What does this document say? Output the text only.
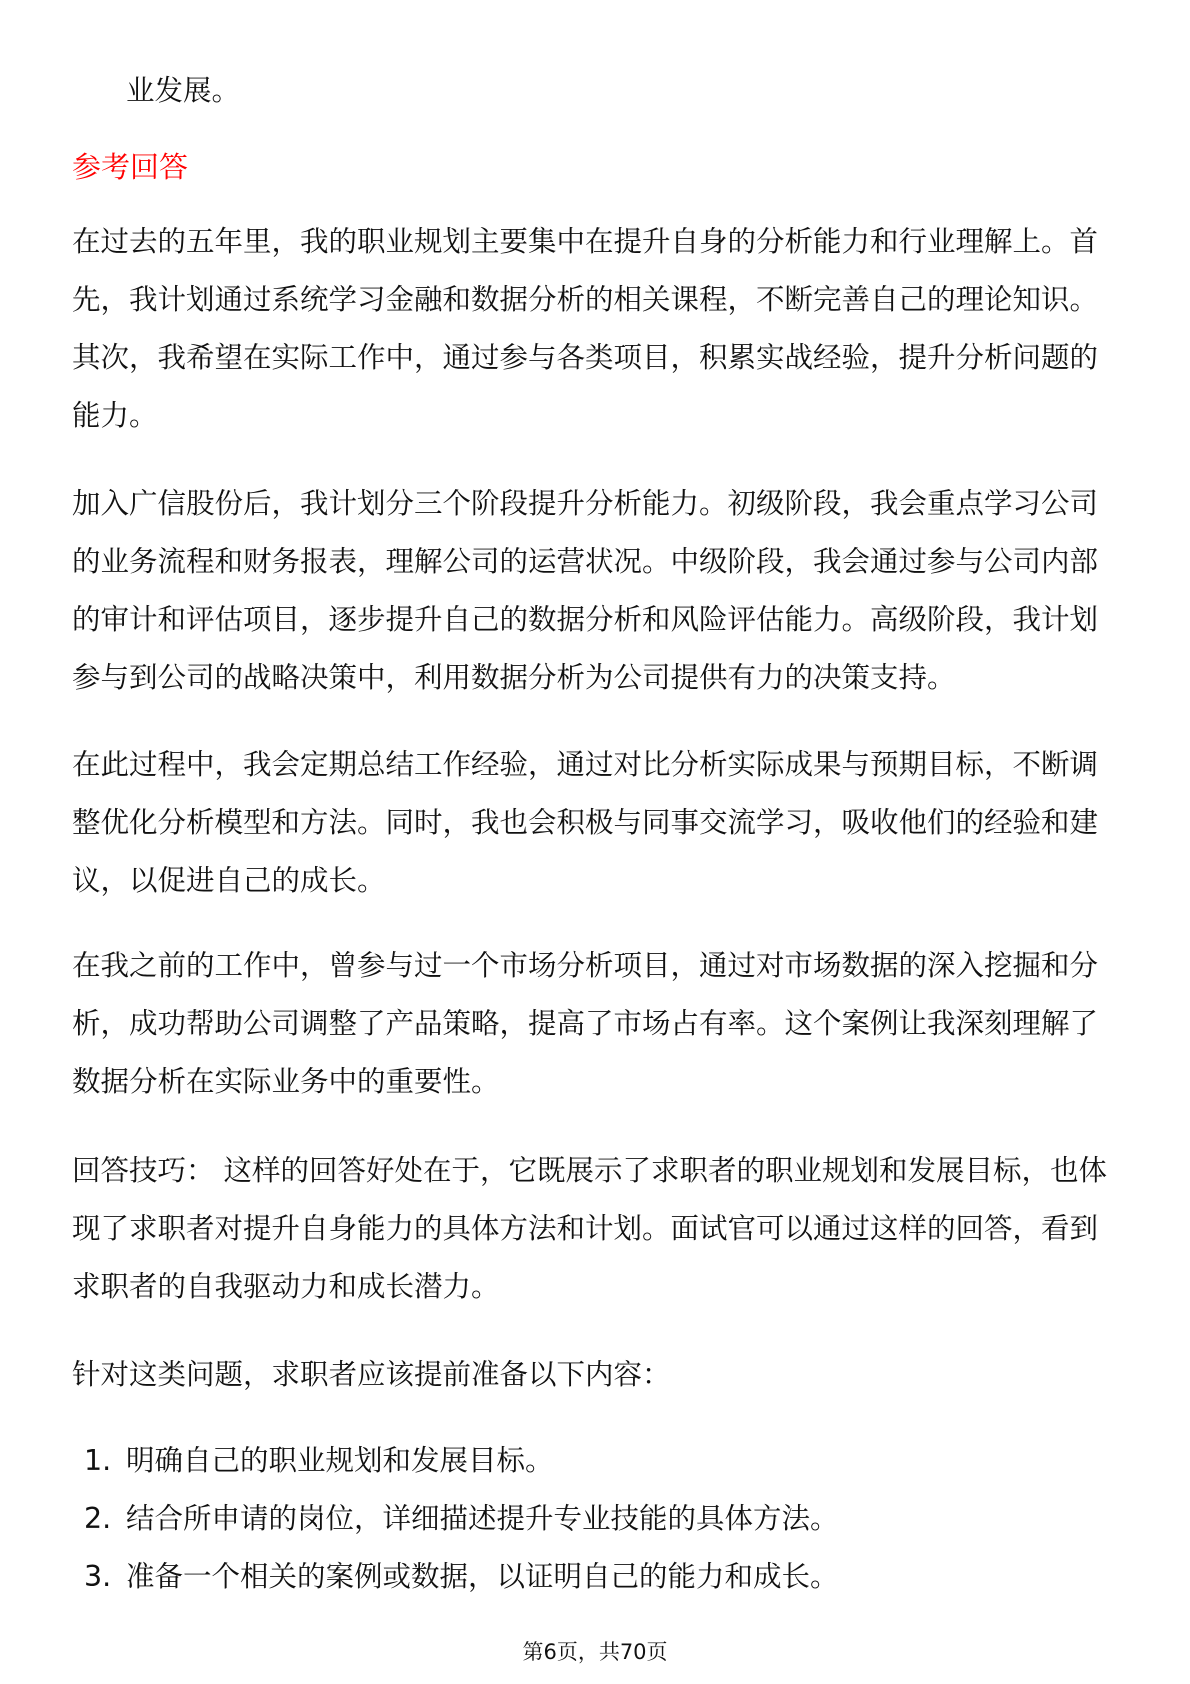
业发展。
参考回答
在过去的五年里，我的职业规划主要集中在提升自身的分析能力和行业理解上。首先，我计划通过系统学习金融和数据分析的相关课程，不断完善自己的理论知识。其次，我希望在实际工作中，通过参与各类项目，积累实战经验，提升分析问题的能力。
加入广信股份后，我计划分三个阶段提升分析能力。初级阶段，我会重点学习公司的业务流程和财务报表，理解公司的运营状况。中级阶段，我会通过参与公司内部的审计和评估项目，逐步提升自己的数据分析和风险评估能力。高级阶段，我计划参与到公司的战略决策中，利用数据分析为公司提供有力的决策支持。
在此过程中，我会定期总结工作经验，通过对比分析实际成果与预期目标，不断调整优化分析模型和方法。同时，我也会积极与同事交流学习，吸收他们的经验和建议，以促进自己的成长。
在我之前的工作中，曾参与过一个市场分析项目，通过对市场数据的深入挖掘和分析，成功帮助公司调整了产品策略，提高了市场占有率。这个案例让我深刻理解了数据分析在实际业务中的重要性。
回答技巧： 这样的回答好处在于，它既展示了求职者的职业规划和发展目标，也体现了求职者对提升自身能力的具体方法和计划。面试官可以通过这样的回答，看到求职者的自我驱动力和成长潜力。
针对这类问题，求职者应该提前准备以下内容：
1. 明确自己的职业规划和发展目标。
2. 结合所申请的岗位，详细描述提升专业技能的具体方法。
3. 准备一个相关的案例或数据，以证明自己的能力和成长。
第6页，共70页
